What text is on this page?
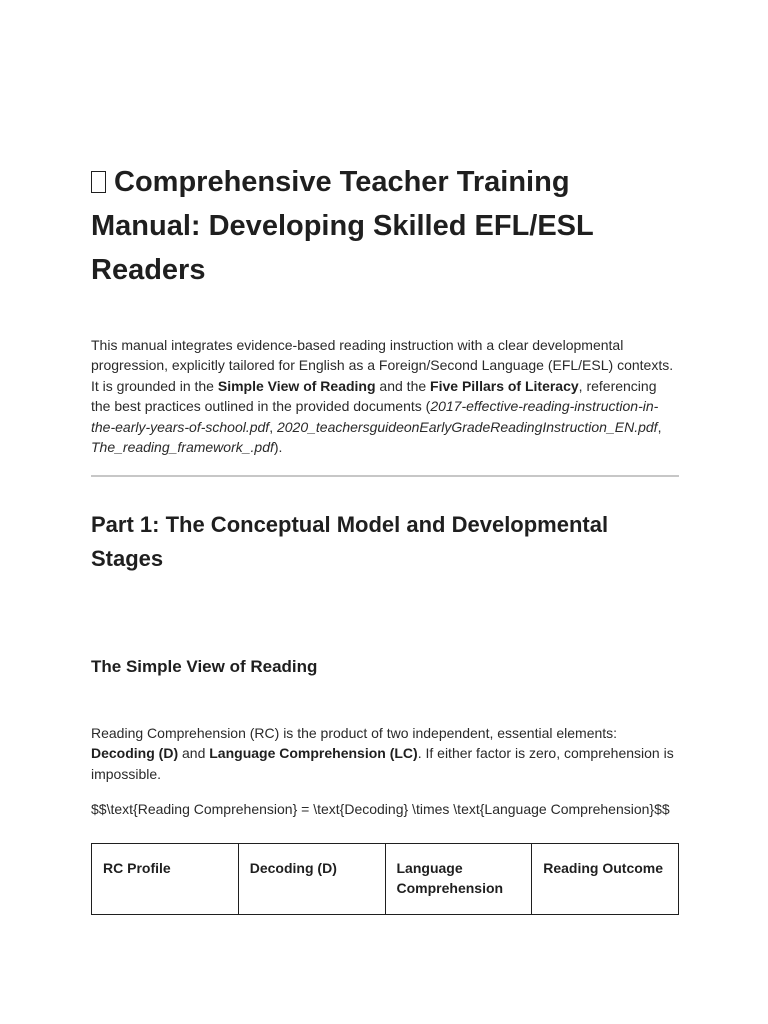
Comprehensive Teacher Training Manual: Developing Skilled EFL/ESL Readers

This manual integrates evidence-based reading instruction with a clear developmental progression, explicitly tailored for English as a Foreign/Second Language (EFL/ESL) contexts. It is grounded in the Simple View of Reading and the Five Pillars of Literacy, referencing the best practices outlined in the provided documents (2017-effective-reading-instruction-in-the-early-years-of-school.pdf, 2020_teachersguideonEarlyGradeReadingInstruction_EN.pdf, The_reading_framework_.pdf).

Part 1: The Conceptual Model and Developmental Stages
The Simple View of Reading

Reading Comprehension (RC) is the product of two independent, essential elements: Decoding (D) and Language Comprehension (LC). If either factor is zero, comprehension is impossible.

$$\text{Reading Comprehension} = \text{Decoding} \times \text{Language Comprehension}$$

RC Profile	Decoding (D)	Language Comprehension	Reading Outcome
